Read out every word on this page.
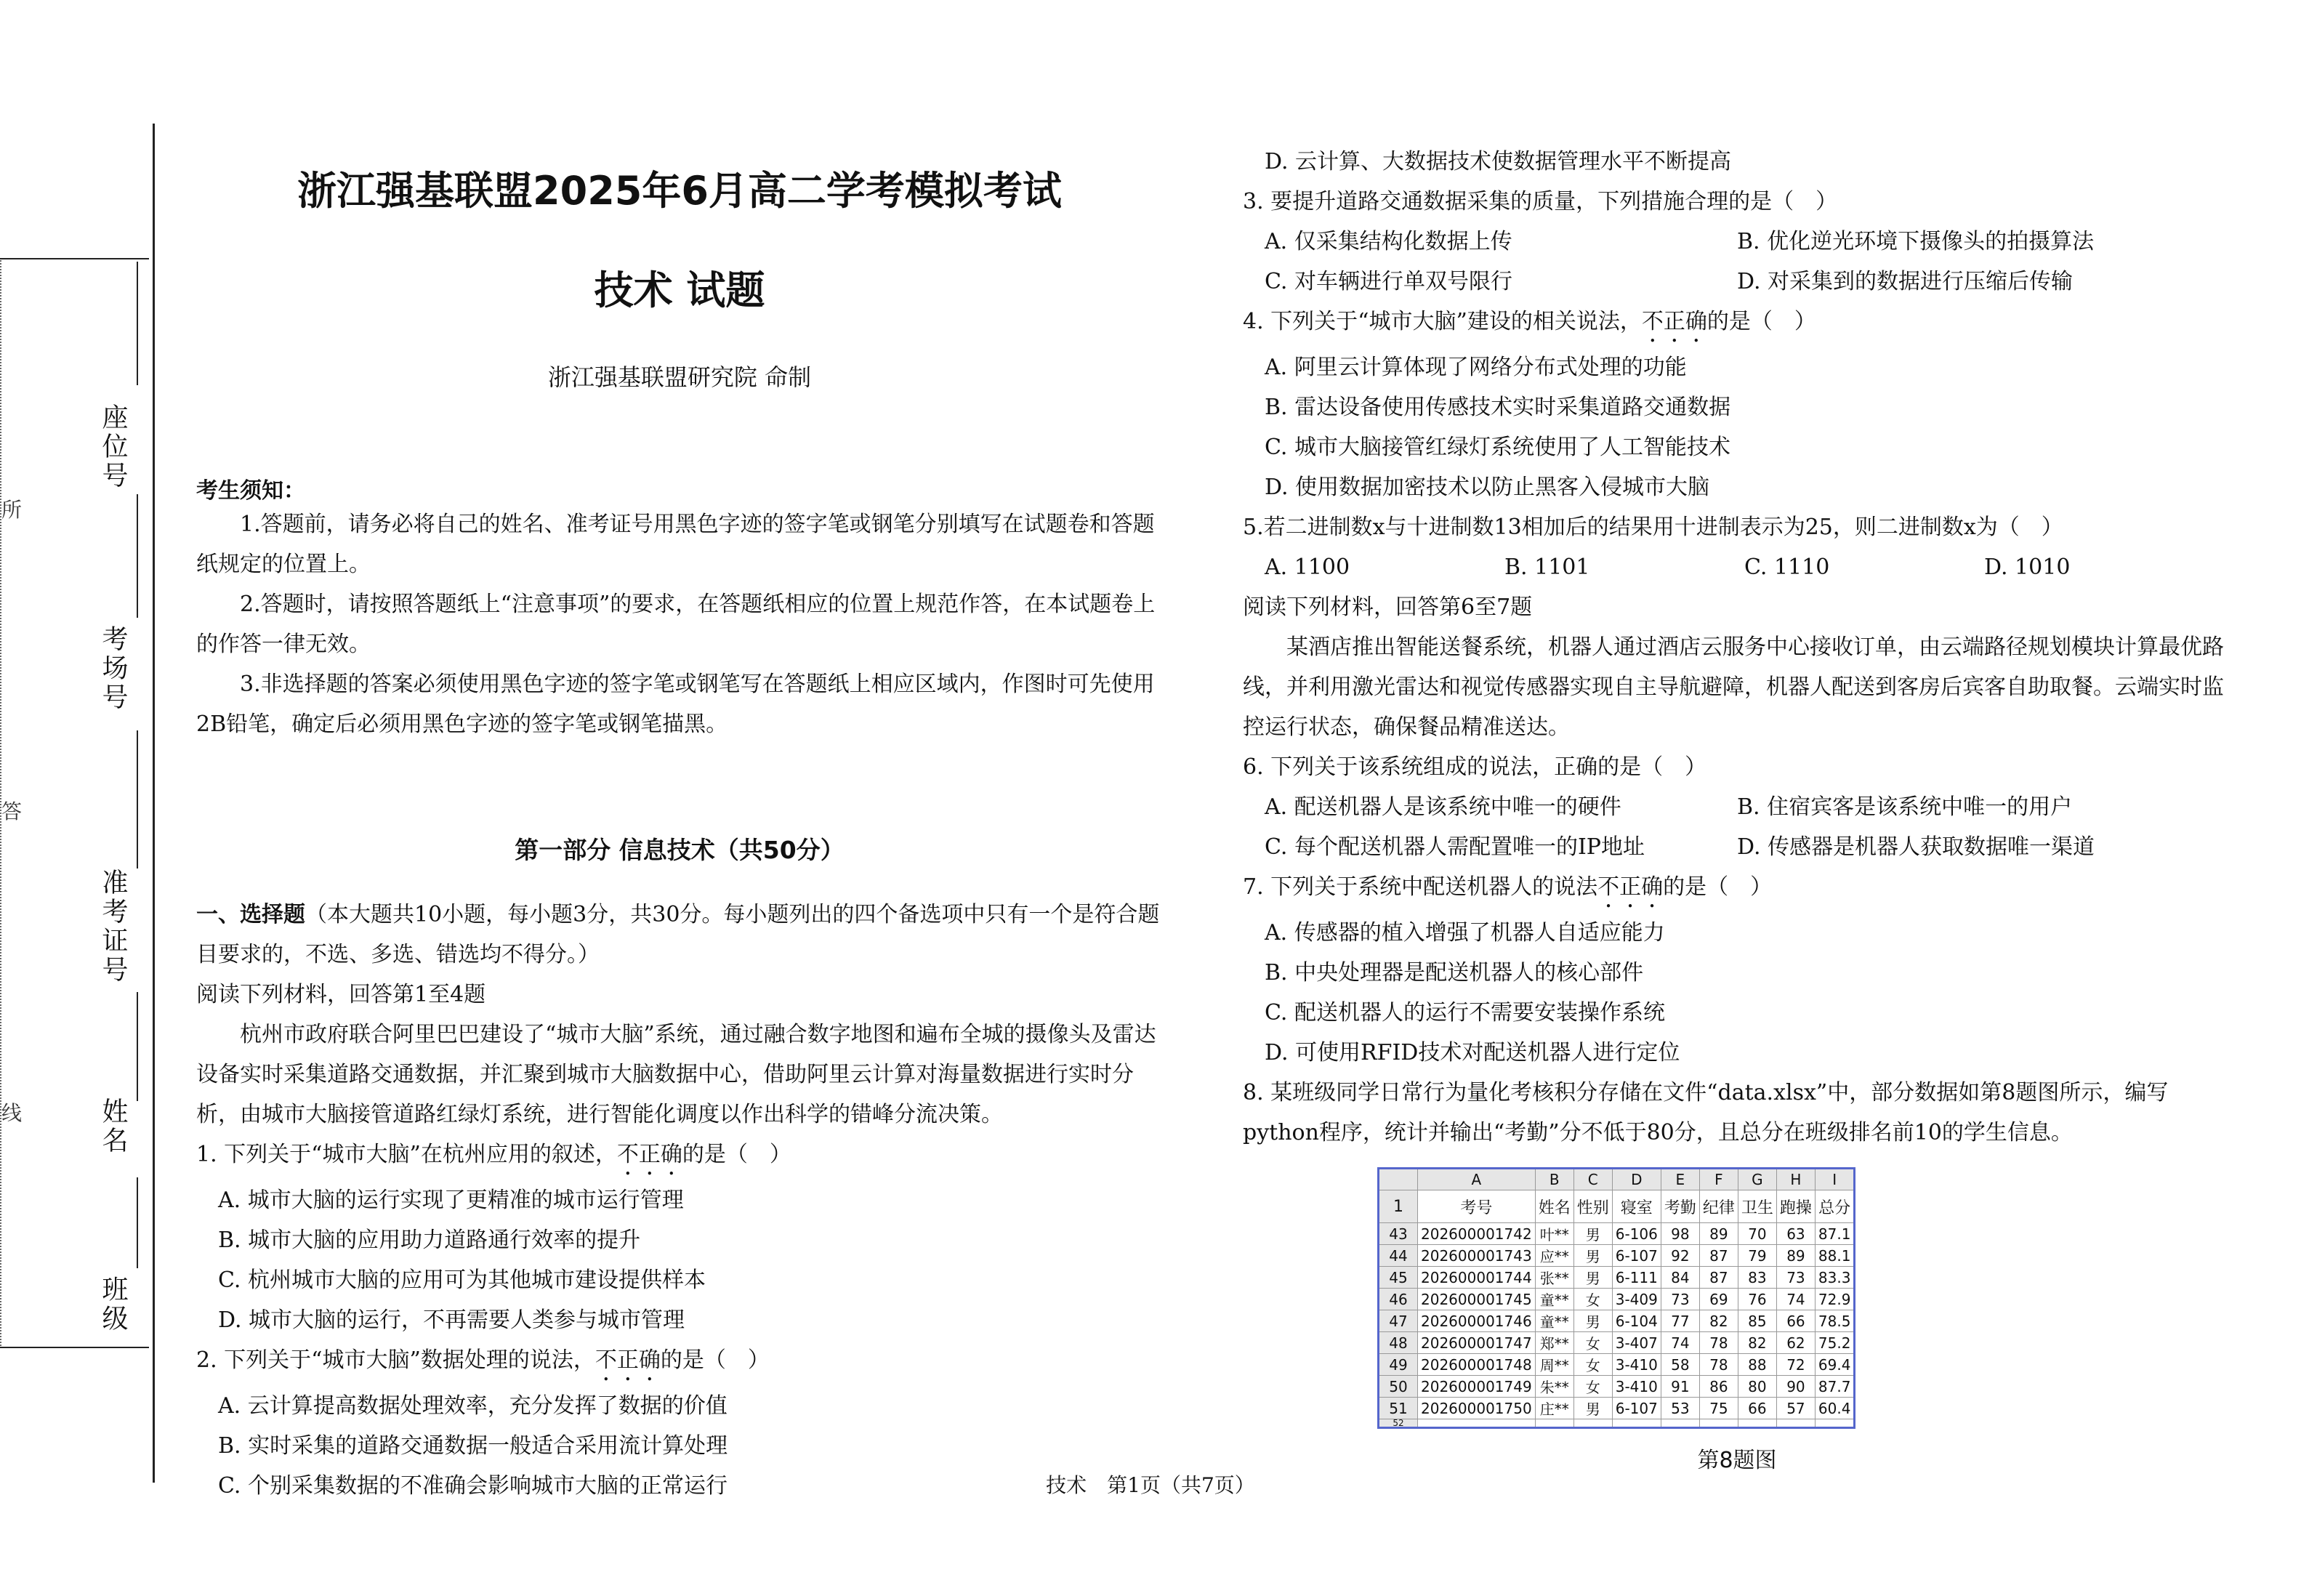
所
答
线
座位号
考场号
准考证号
姓名
班级
浙江强基联盟2025年6月高二学考模拟考试
技术 试题
浙江强基联盟研究院 命制
考生须知：

1.答题前，请务必将自己的姓名、准考证号用黑色字迹的签字笔或钢笔分别填写在试题卷和答题纸规定的位置上。

2.答题时，请按照答题纸上“注意事项”的要求，在答题纸相应的位置上规范作答，在本试题卷上的作答一律无效。

3.非选择题的答案必须使用黑色字迹的签字笔或钢笔写在答题纸上相应区域内，作图时可先使用2B铅笔，确定后必须用黑色字迹的签字笔或钢笔描黑。

第一部分 信息技术（共50分）

一、选择题（本大题共10小题，每小题3分，共30分。每小题列出的四个备选项中只有一个是符合题目要求的，不选、多选、错选均不得分。）

阅读下列材料，回答第1至4题

杭州市政府联合阿里巴巴建设了“城市大脑”系统，通过融合数字地图和遍布全城的摄像头及雷达设备实时采集道路交通数据，并汇聚到城市大脑数据中心，借助阿里云计算对海量数据进行实时分析，由城市大脑接管道路红绿灯系统，进行智能化调度以作出科学的错峰分流决策。

1. 下列关于“城市大脑”在杭州应用的叙述，不正确的是（　）
A. 城市大脑的运行实现了更精准的城市运行管理
B. 城市大脑的应用助力道路通行效率的提升
C. 杭州城市大脑的应用可为其他城市建设提供样本
D. 城市大脑的运行，不再需要人类参与城市管理
2. 下列关于“城市大脑”数据处理的说法，不正确的是（　）
A. 云计算提高数据处理效率，充分发挥了数据的价值
B. 实时采集的道路交通数据一般适合采用流计算处理
C. 个别采集数据的不准确会影响城市大脑的正常运行
D. 云计算、大数据技术使数据管理水平不断提高
3. 要提升道路交通数据采集的质量，下列措施合理的是（　）
A. 仅采集结构化数据上传	B. 优化逆光环境下摄像头的拍摄算法
C. 对车辆进行单双号限行	D. 对采集到的数据进行压缩后传输
4. 下列关于“城市大脑”建设的相关说法，不正确的是（　）
A. 阿里云计算体现了网络分布式处理的功能
B. 雷达设备使用传感技术实时采集道路交通数据
C. 城市大脑接管红绿灯系统使用了人工智能技术
D. 使用数据加密技术以防止黑客入侵城市大脑
5.若二进制数x与十进制数13相加后的结果用十进制表示为25，则二进制数x为（　）
A. 1100	B. 1101	C. 1110	D. 1010
阅读下列材料，回答第6至7题

某酒店推出智能送餐系统，机器人通过酒店云服务中心接收订单，由云端路径规划模块计算最优路线，并利用激光雷达和视觉传感器实现自主导航避障，机器人配送到客房后宾客自助取餐。云端实时监控运行状态，确保餐品精准送达。

6. 下列关于该系统组成的说法，正确的是（　）
A. 配送机器人是该系统中唯一的硬件	B. 住宿宾客是该系统中唯一的用户
C. 每个配送机器人需配置唯一的IP地址	D. 传感器是机器人获取数据唯一渠道
7. 下列关于系统中配送机器人的说法不正确的是（　）
A. 传感器的植入增强了机器人自适应能力
B. 中央处理器是配送机器人的核心部件
C. 配送机器人的运行不需要安装操作系统
D. 可使用RFID技术对配送机器人进行定位

8. 某班级同学日常行为量化考核积分存储在文件“data.xlsx”中，部分数据如第8题图所示，编写python程序，统计并输出“考勤”分不低于80分，且总分在班级排名前10的学生信息。

	A	B	C	D	E	F	G	H	I
1	考号	姓名	性别	寝室	考勤	纪律	卫生	跑操	总分
43	202600001742	叶**	男	6-106	98	89	70	63	87.1
44	202600001743	应**	男	6-107	92	87	79	89	88.1
45	202600001744	张**	男	6-111	84	87	83	73	83.3
46	202600001745	童**	女	3-409	73	69	76	74	72.9
47	202600001746	童**	男	6-104	77	82	85	66	78.5
48	202600001747	郑**	女	3-407	74	78	82	62	75.2
49	202600001748	周**	女	3-410	58	78	88	72	69.4
50	202600001749	朱**	女	3-410	91	86	80	90	87.7
51	202600001750	庄**	男	6-107	53	75	66	57	60.4
52									
第8题图
技术　第1页（共7页）
